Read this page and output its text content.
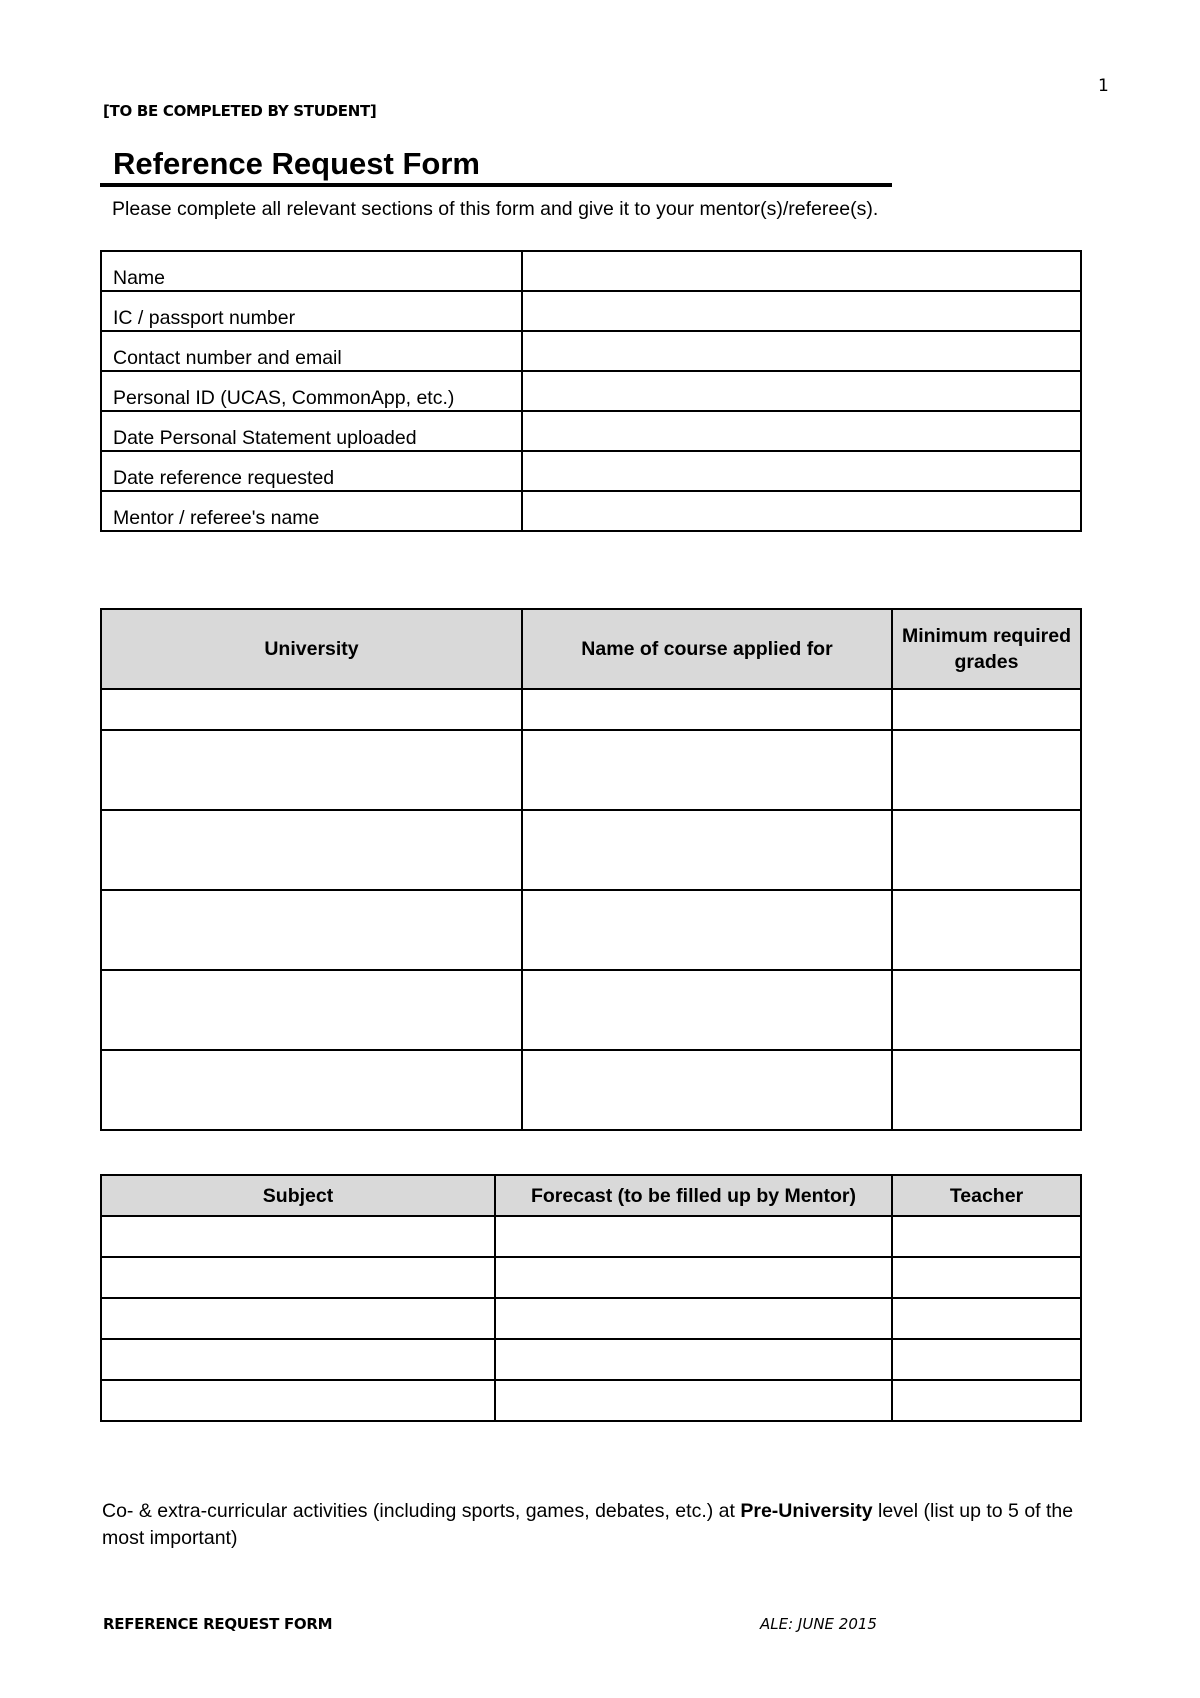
1
[TO BE COMPLETED BY STUDENT]
Reference Request Form
Please complete all relevant sections of this form and give it to your mentor(s)/referee(s).
Name	
IC / passport number	
Contact number and email	
Personal ID (UCAS, CommonApp, etc.)	
Date Personal Statement uploaded	
Date reference requested	
Mentor / referee's name	
University	Name of course applied for	Minimum required grades

Subject	Forecast (to be filled up by Mentor)	Teacher

Co- & extra-curricular activities (including sports, games, debates, etc.) at Pre-University level (list up to 5 of the most important)
REFERENCE REQUEST FORM	ALE: JUNE 2015
